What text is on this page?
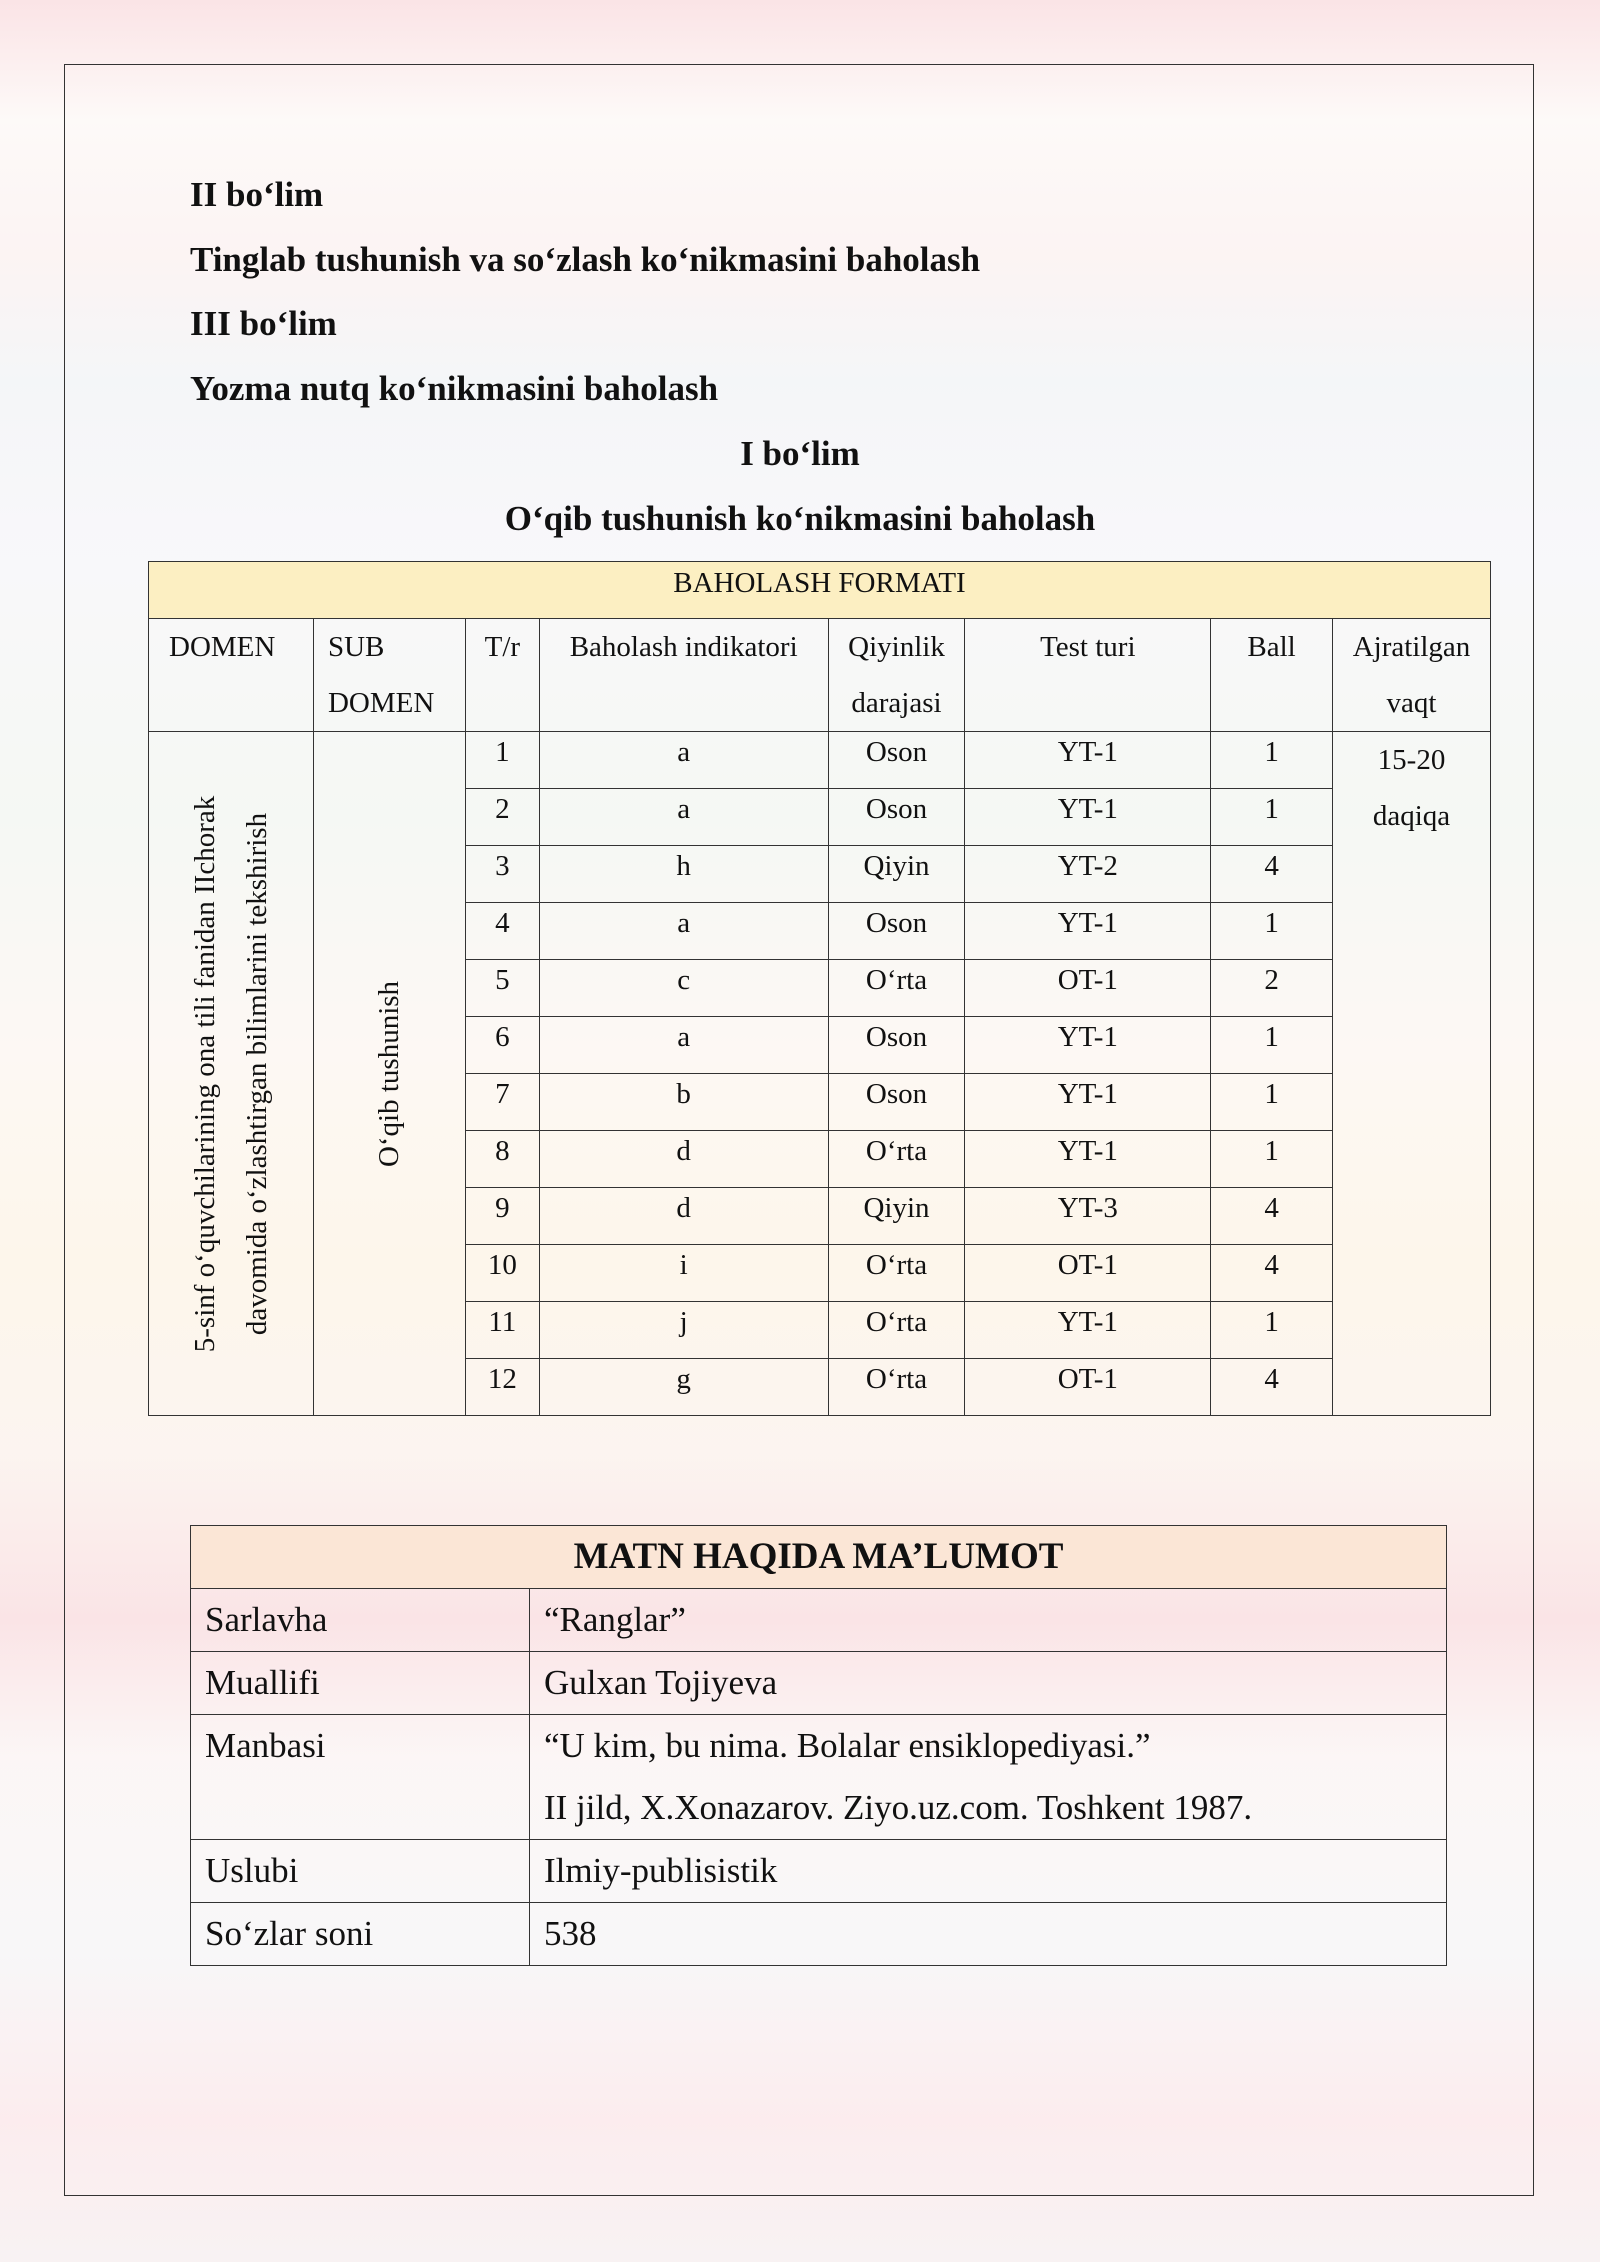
II bo‘lim
Tinglab tushunish va so‘zlash ko‘nikmasini baholash
III bo‘lim
Yozma nutq ko‘nikmasini baholash
I bo‘lim
O‘qib tushunish ko‘nikmasini baholash
BAHOLASH FORMATI							
DOMEN	SUB DOMEN	T/r	Baholash indikatori	Qiyinlik darajasi	Test turi	Ball	Ajratilgan vaqt

5-sinf o‘quvchilarining ona tili fanidan IIchorak davomida o‘zlashtirgan bilimlarini tekshirish	O‘qib tushunish	1	a	Oson	YT-1	1	15-20 daqiqa
		2	a	Oson	YT-1	1	
		3	h	Qiyin	YT-2	4	
		4	a	Oson	YT-1	1	
		5	c	O‘rta	OT-1	2	
		6	a	Oson	YT-1	1	
		7	b	Oson	YT-1	1	
		8	d	O‘rta	YT-1	1	
		9	d	Qiyin	YT-3	4	
		10	i	O‘rta	OT-1	4	
		11	j	O‘rta	YT-1	1	
		12	g	O‘rta	OT-1	4	
MATN HAQIDA MA’LUMOT	
Sarlavha	“Ranglar”
Muallifi	Gulxan Tojiyeva
Manbasi	“U kim, bu nima. Bolalar ensiklopediyasi.”
II jild, X.Xonazarov. Ziyo.uz.com. Toshkent 1987.

Uslubi	Ilmiy-publisistik
So‘zlar soni	538
